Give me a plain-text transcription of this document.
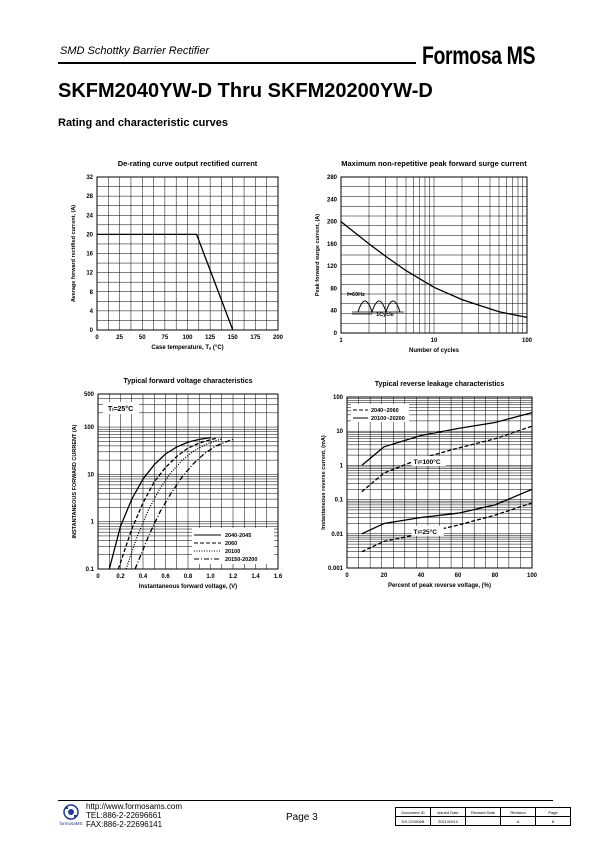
SMD Schottky Barrier Rectifier	Formosa MS
SKFM2040YW-D Thru SKFM20200YW-D
Rating and characteristic curves
0	25	50	75 100 125 150 175 200
0
4
8
12
16
20
24
28
32
De-rating curve output rectified current
Case temperature, Tₐ (°C)
Average forward rectified current, (A)
1	10	100
0
40
80
120
160
200
240
280
Maximum non-repetitive peak forward surge current
Number of cycles
Peak forward surge current, (A)	f=60Hz
1Cycle
0	0.2 0.4 0.6 0.8 1.0 1.2 1.4 1.6
0.1
1
10
100
500
Typical forward voltage characteristics
Instantaneous forward voltage, (V)
INSTANTANEOUS FORWARD CURRENT (A)
Tₗ=25°C
2040-2045
2060
20100
20150-20200
0	20	40	60	80	100
0.001
0.01
0.1
1
10
100
Typical reverse leakage characteristics
Percent of peak reverse voltage, (%)
Instantaneous reverse current, (mA)
2040~2060
20100~20200
Tₗ=100°C
Tₗ=25°C
formosaMS
http://www.formosams.com
TEL:886-2-22696661
FAX:886-2-22696141
Page 3	Document ID	Issued Date	Revised Date	Revision	Page
DS-221606B	2021/09/12		A	8
